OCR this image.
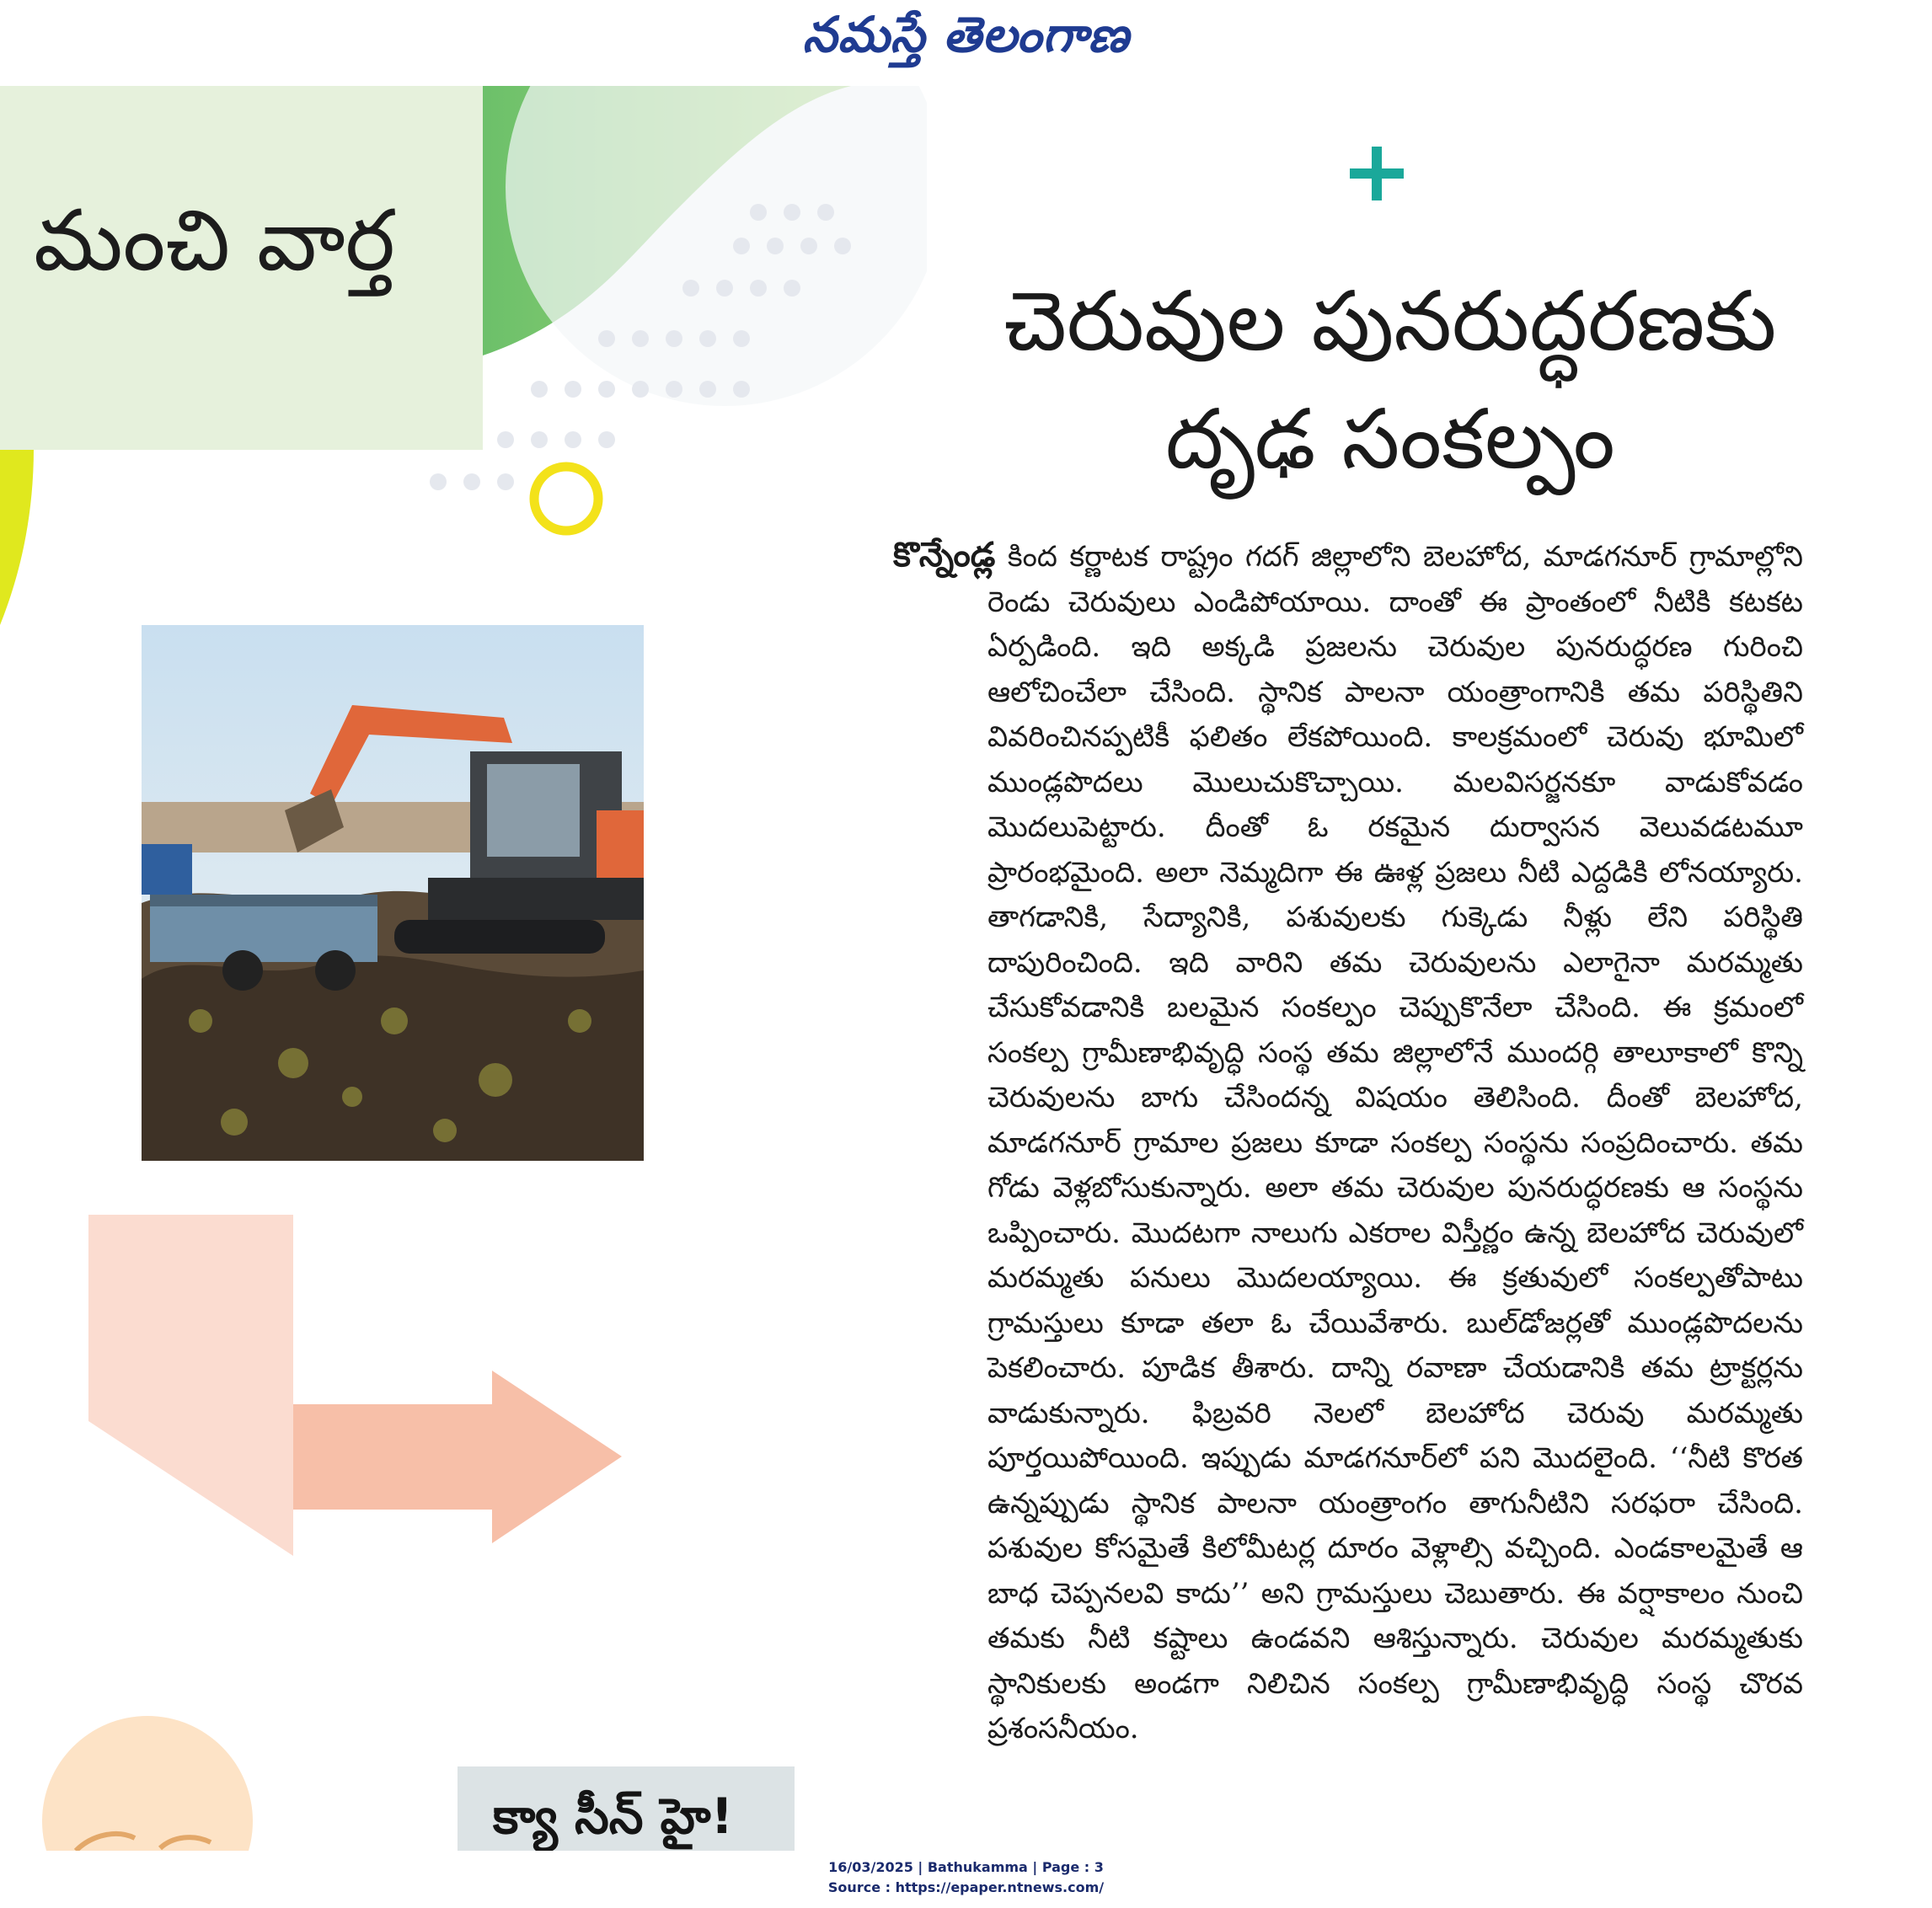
నమస్తే తెలంగాణ
మంచి వార్త
చెరువుల పునరుద్ధరణకు
దృఢ సంకల్పం

కొన్నేండ్ల కింద కర్ణాటక రాష్ట్రం గదగ్‌ జిల్లాలోని బెలహోద, మాడగనూర్‌ గ్రామాల్లోని రెండు చెరువులు ఎండిపోయాయి. దాంతో ఈ ప్రాంతంలో నీటికి కటకట ఏర్పడింది. ఇది అక్కడి ప్రజలను చెరువుల పునరుద్ధరణ గురించి ఆలోచించేలా చేసింది. స్థానిక పాలనా యంత్రాంగానికి తమ పరిస్థితిని వివరించినప్పటికీ ఫలితం లేకపోయింది. కాలక్రమంలో చెరువు భూమిలో ముండ్లపొదలు మొలుచుకొచ్చాయి. మలవిసర్జనకూ వాడుకోవడం మొదలుపెట్టారు. దీంతో ఓ రకమైన దుర్వాసన వెలువడటమూ ప్రారంభమైంది. అలా నెమ్మదిగా ఈ ఊళ్ల ప్రజలు నీటి ఎద్దడికి లోనయ్యారు. తాగడానికి, సేద్యానికి, పశువులకు గుక్కెడు నీళ్లు లేని పరిస్థితి దాపురించింది. ఇది వారిని తమ చెరువులను ఎలాగైనా మరమ్మతు చేసుకోవడానికి బలమైన సంకల్పం చెప్పుకొనేలా చేసింది. ఈ క్రమంలో సంకల్ప గ్రామీణాభివృద్ధి సంస్థ తమ జిల్లాలోనే ముందర్గి తాలూకాలో కొన్ని చెరువులను బాగు చేసిందన్న విషయం తెలిసింది. దీంతో బెలహోద, మాడగనూర్‌ గ్రామాల ప్రజలు కూడా సంకల్ప సంస్థను సంప్రదించారు. తమ గోడు వెళ్లబోసుకున్నారు. అలా తమ చెరువుల పునరుద్ధరణకు ఆ సంస్థను ఒప్పించారు. మొదటగా నాలుగు ఎకరాల విస్తీర్ణం ఉన్న బెలహోద చెరువులో మరమ్మతు పనులు మొదలయ్యాయి. ఈ క్రతువులో సంకల్పతోపాటు గ్రామస్తులు కూడా తలా ఓ చేయివేశారు. బుల్‌డోజర్లతో ముండ్లపొదలను పెకలించారు. పూడిక తీశారు. దాన్ని రవాణా చేయడానికి తమ ట్రాక్టర్లను వాడుకున్నారు. ఫిబ్రవరి నెలలో బెలహోద చెరువు మరమ్మతు పూర్తయిపోయింది. ఇప్పుడు మాడగనూర్‌లో పని మొదలైంది. ‘‘నీటి కొరత ఉన్నప్పుడు స్థానిక పాలనా యంత్రాంగం తాగునీటిని సరఫరా చేసింది. పశువుల కోసమైతే కిలోమీటర్ల దూరం వెళ్లాల్సి వచ్చింది. ఎండకాలమైతే ఆ బాధ చెప్పనలవి కాదు’’ అని గ్రామస్తులు చెబుతారు. ఈ వర్షాకాలం నుంచి తమకు నీటి కష్టాలు ఉండవని ఆశిస్తున్నారు. చెరువుల మరమ్మతుకు స్థానికులకు అండగా నిలిచిన సంకల్ప గ్రామీణాభివృద్ధి సంస్థ చొరవ ప్రశంసనీయం.

క్యా సీన్‌ హై!
16/03/2025 | Bathukamma | Page : 3
Source : https://epaper.ntnews.com/
